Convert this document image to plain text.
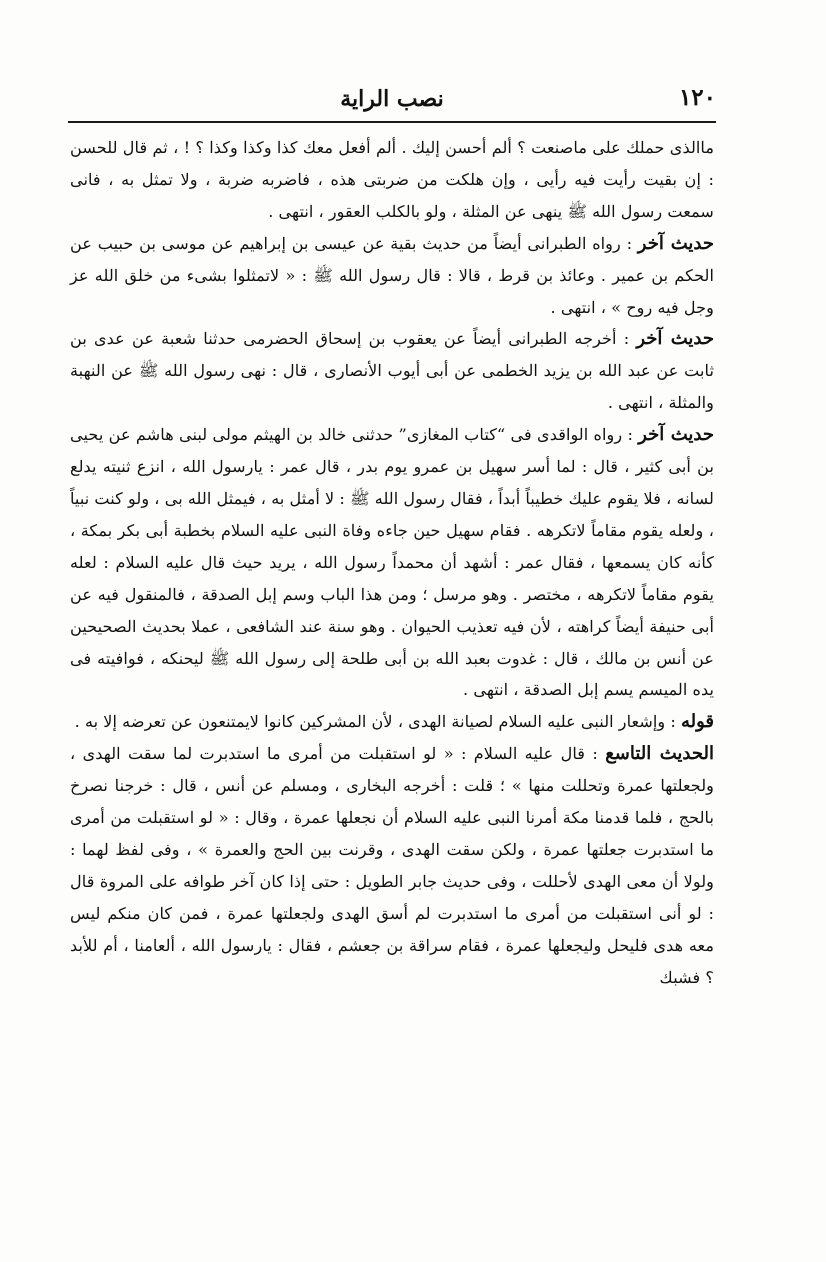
١٢٠
نصب الراية

ماالذى حملك على ماصنعت ؟ ألم أحسن إليك . ألم أفعل معك كذا وكذا وكذا ؟ ! ، ثم قال للحسن : إن بقيت رأيت فيه رأيى ، وإن هلكت من ضربتى هذه ، فاضربه ضربة ، ولا تمثل به ، فانى سمعت رسول الله ﷺ ينهى عن المثلة ، ولو بالكلب العقور ، انتهى .

حديث آخر : رواه الطبرانى أيضاً من حديث بقية عن عيسى بن إبراهيم عن موسى بن حبيب عن الحكم بن عمير . وعائذ بن قرط ، قالا : قال رسول الله ﷺ : « لاتمثلوا بشىء من خلق الله عز وجل فيه روح » ، انتهى .

حديث آخر : أخرجه الطبرانى أيضاً عن يعقوب بن إسحاق الحضرمى حدثنا شعبة عن عدى بن ثابت عن عبد الله بن يزيد الخطمى عن أبى أيوب الأنصارى ، قال : نهى رسول الله ﷺ عن النهبة والمثلة ، انتهى .

حديث آخر : رواه الواقدى فى “كتاب المغازى” حدثنى خالد بن الهيثم مولى لبنى هاشم عن يحيى بن أبى كثير ، قال : لما أسر سهيل بن عمرو يوم بدر ، قال عمر : يارسول الله ، انزع ثنيته يدلع لسانه ، فلا يقوم عليك خطيباً أبداً ، فقال رسول الله ﷺ : لا أمثل به ، فيمثل الله بى ، ولو كنت نبياً ، ولعله يقوم مقاماً لاتكرهه . فقام سهيل حين جاءه وفاة النبى عليه السلام بخطبة أبى بكر بمكة ، كأنه كان يسمعها ، فقال عمر : أشهد أن محمداً رسول الله ، يريد حيث قال عليه السلام : لعله يقوم مقاماً لاتكرهه ، مختصر . وهو مرسل ؛ ومن هذا الباب وسم إبل الصدقة ، فالمنقول فيه عن أبى حنيفة أيضاً كراهته ، لأن فيه تعذيب الحيوان . وهو سنة عند الشافعى ، عملا بحديث الصحيحين عن أنس بن مالك ، قال : غدوت بعبد الله بن أبى طلحة إلى رسول الله ﷺ ليحنكه ، فوافيته فى يده الميسم يسم إبل الصدقة ، انتهى .

قوله : وإشعار النبى عليه السلام لصيانة الهدى ، لأن المشركين كانوا لايمتنعون عن تعرضه إلا به .

الحديث التاسع : قال عليه السلام : « لو استقبلت من أمرى ما استدبرت لما سقت الهدى ، ولجعلتها عمرة وتحللت منها » ؛ قلت : أخرجه البخارى ، ومسلم عن أنس ، قال : خرجنا نصرخ بالحج ، فلما قدمنا مكة أمرنا النبى عليه السلام أن نجعلها عمرة ، وقال : « لو استقبلت من أمرى ما استدبرت جعلتها عمرة ، ولكن سقت الهدى ، وقرنت بين الحج والعمرة » ، وفى لفظ لهما : ولولا أن معى الهدى لأحللت ، وفى حديث جابر الطويل : حتى إذا كان آخر طوافه على المروة قال : لو أنى استقبلت من أمرى ما استدبرت لم أسق الهدى ولجعلتها عمرة ، فمن كان منكم ليس معه هدى فليحل وليجعلها عمرة ، فقام سراقة بن جعشم ، فقال : يارسول الله ، ألعامنا ، أم للأبد ؟ فشبك
